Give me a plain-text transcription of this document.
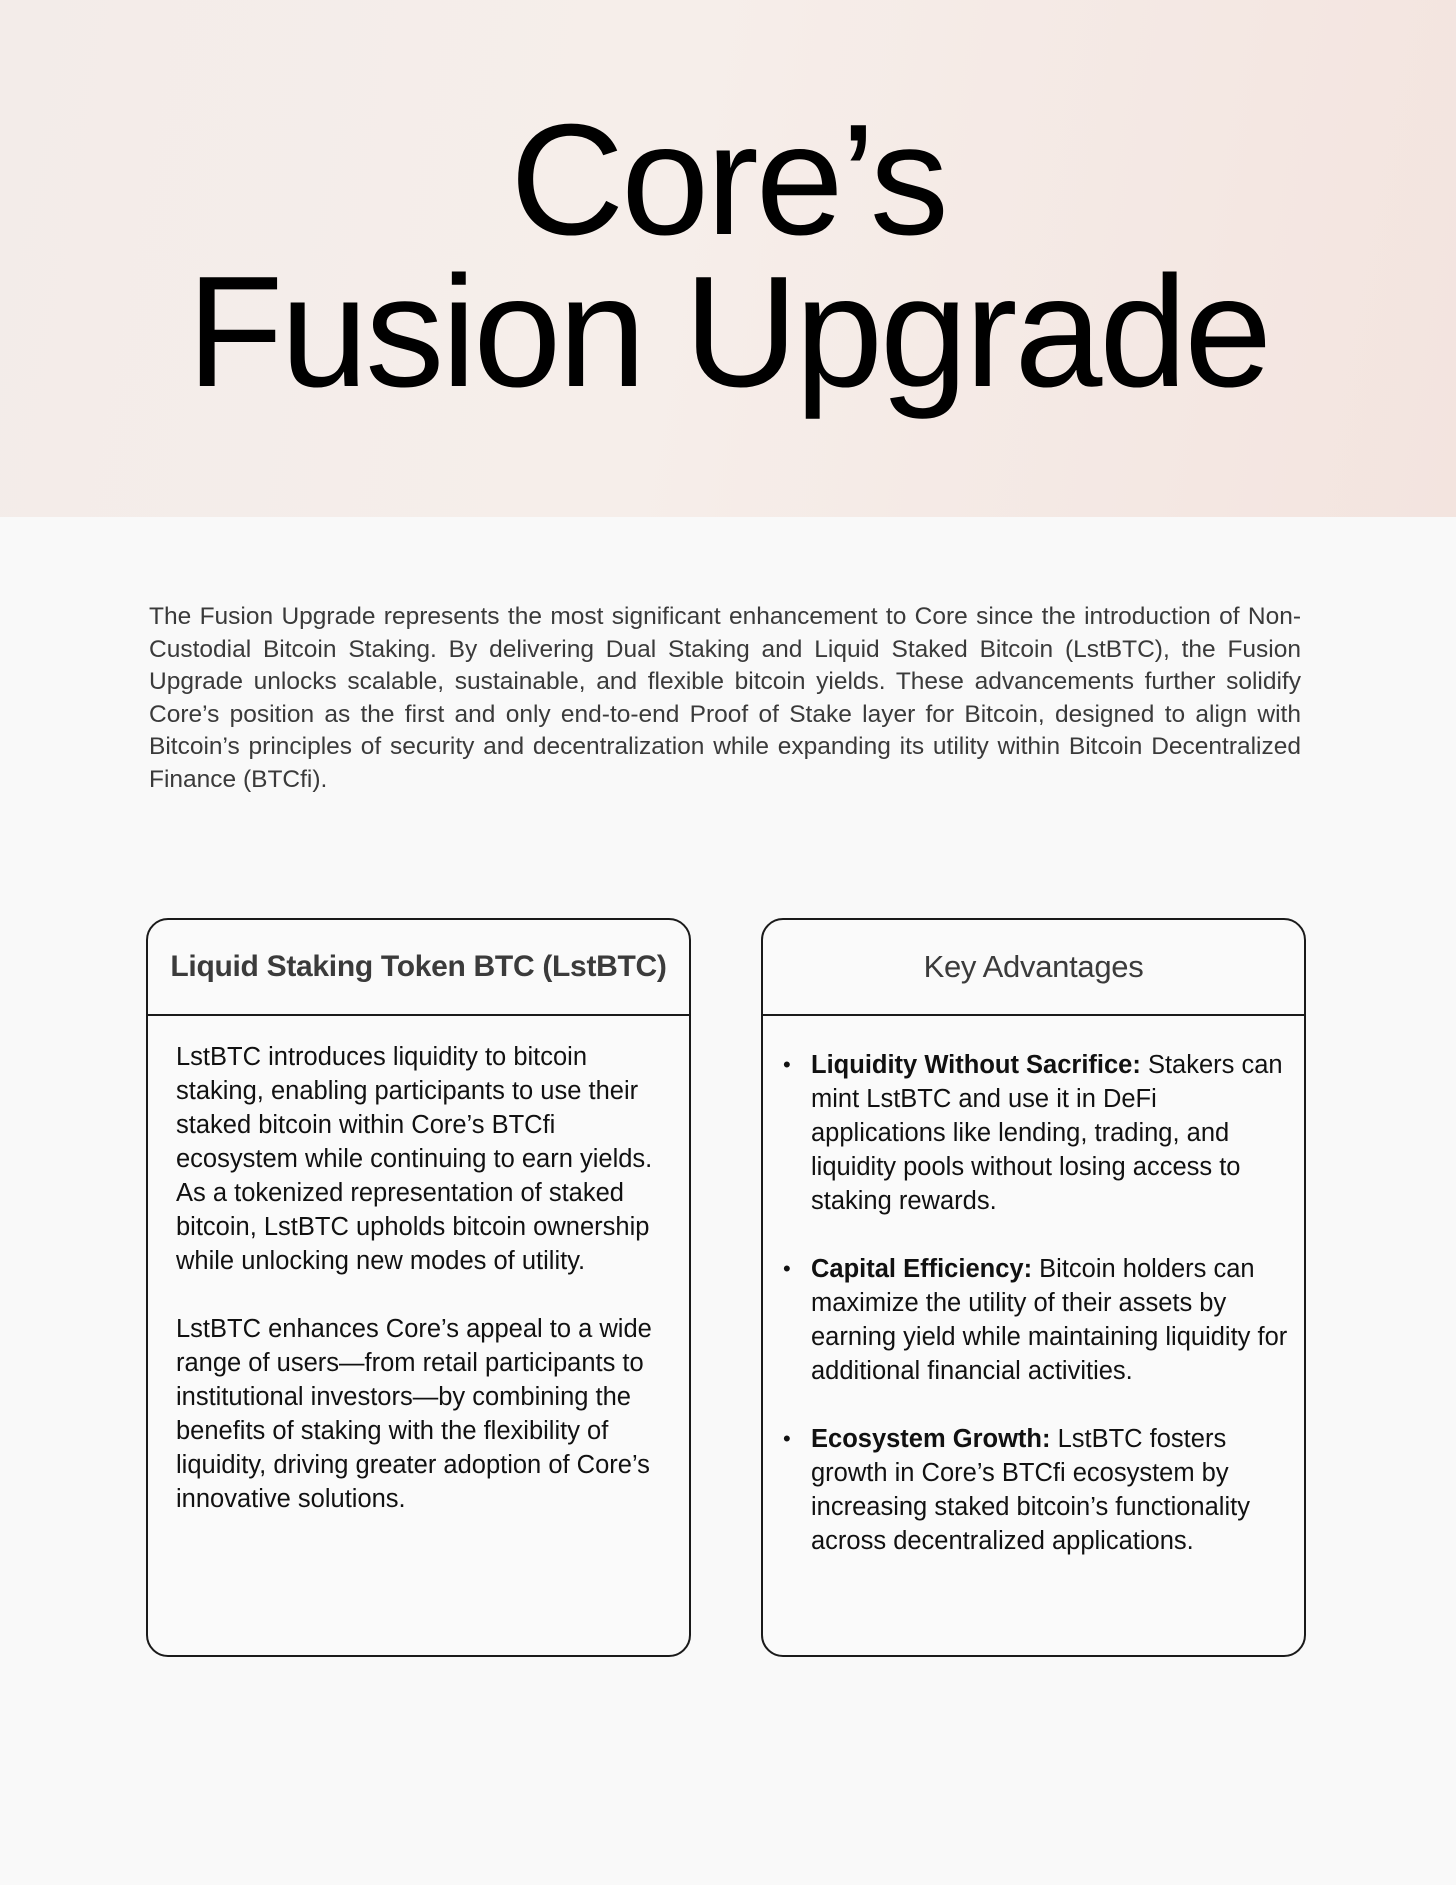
Core’s
Fusion Upgrade

The Fusion Upgrade represents the most significant enhancement to Core since the introduction of Non-Custodial Bitcoin Staking. By delivering Dual Staking and Liquid Staked Bitcoin (LstBTC), the Fusion Upgrade unlocks scalable, sustainable, and flexible bitcoin yields. These advancements further solidify Core’s position as the first and only end-to-end Proof of Stake layer for Bitcoin, designed to align with Bitcoin’s principles of security and decentralization while expanding its utility within Bitcoin Decentralized Finance (BTCfi).

Liquid Staking Token BTC (LstBTC)

LstBTC introduces liquidity to bitcoin staking, enabling participants to use their staked bitcoin within Core’s BTCfi ecosystem while continuing to earn yields. As a tokenized representation of staked bitcoin, LstBTC upholds bitcoin ownership while unlocking new modes of utility.

LstBTC enhances Core’s appeal to a wide range of users—from retail participants to institutional investors—by combining the benefits of staking with the flexibility of liquidity, driving greater adoption of Core’s innovative solutions.

Key Advantages
• Liquidity Without Sacrifice: Stakers can mint LstBTC and use it in DeFi applications like lending, trading, and liquidity pools without losing access to staking rewards.
• Capital Efficiency: Bitcoin holders can maximize the utility of their assets by earning yield while maintaining liquidity for additional financial activities.
• Ecosystem Growth: LstBTC fosters growth in Core’s BTCfi ecosystem by increasing staked bitcoin’s functionality across decentralized applications.
